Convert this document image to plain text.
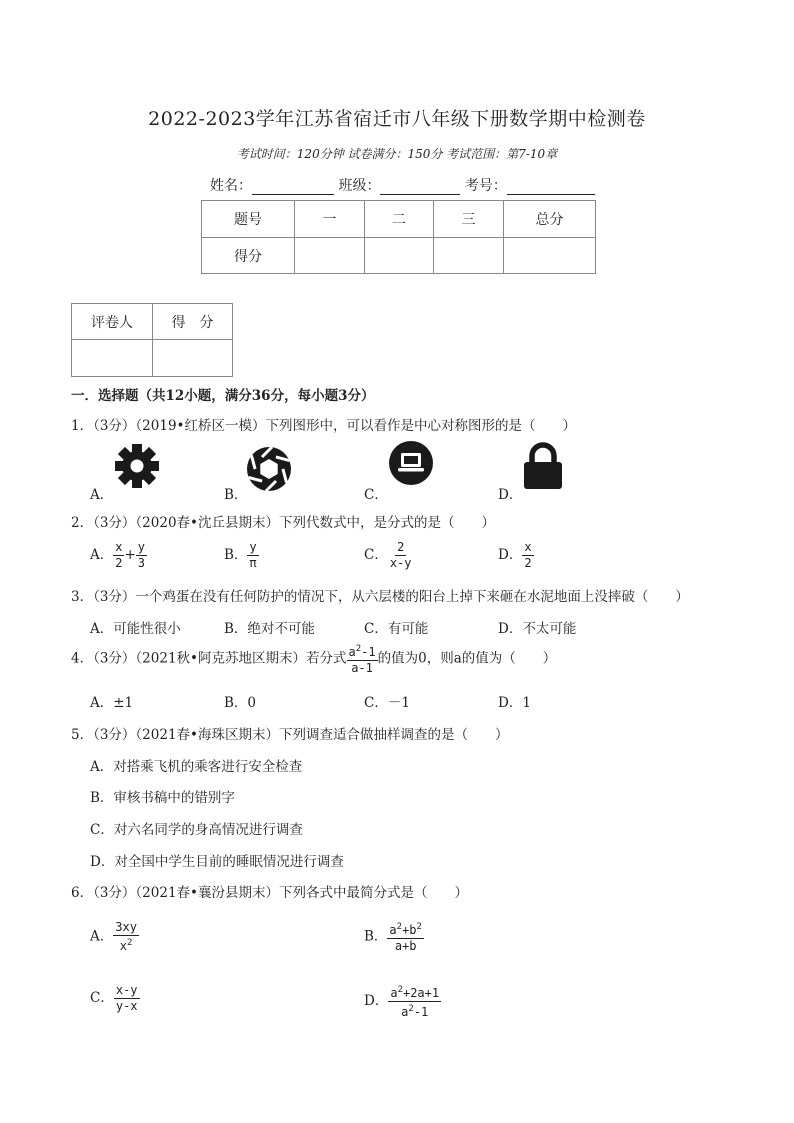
2022-2023学年江苏省宿迁市八年级下册数学期中检测卷
考试时间：120分钟 试卷满分：150分 考试范围：第7-10章
姓名：	班级：	考号：
题号	一	二	三	总分
得分				
评卷人	得　分

一．选择题（共12小题，满分36分，每小题3分）
1．（3分）（2019•红桥区一模）下列图形中，可以看作是中心对称图形的是（　　）
A．	B．	C．	D．
2．（3分）（2020春•沈丘县期末）下列代数式中，是分式的是（　　）
A． $\frac{x}{2} + \frac{y}{3}$	B． $\frac{y}{\pi}$	C． $\frac{2}{x-y}$	D． $\frac{x}{2}$
3．（3分）一个鸡蛋在没有任何防护的情况下，从六层楼的阳台上掉下来砸在水泥地面上没摔破（　　）
A．可能性很小	B．绝对不可能	C．有可能	D．不太可能
4．（3分）（2021秋•阿克苏地区期末）若分式 $\frac{a^2-1}{a-1}$ 的值为0，则a的值为（　　）
A．±1	B．0	C．－1	D．1
5．（3分）（2021春•海珠区期末）下列调查适合做抽样调查的是（　　）
A．对搭乘飞机的乘客进行安全检查
B．审核书稿中的错别字
C．对六名同学的身高情况进行调查
D．对全国中学生目前的睡眠情况进行调查
6．（3分）（2021春•襄汾县期末）下列各式中最简分式是（　　）
A． $\frac{3xy}{x^2}$	B． $\frac{a^2+b^2}{a+b}$
C． $\frac{x-y}{y-x}$	D． $\frac{a^2+2a+1}{a^2-1}$
